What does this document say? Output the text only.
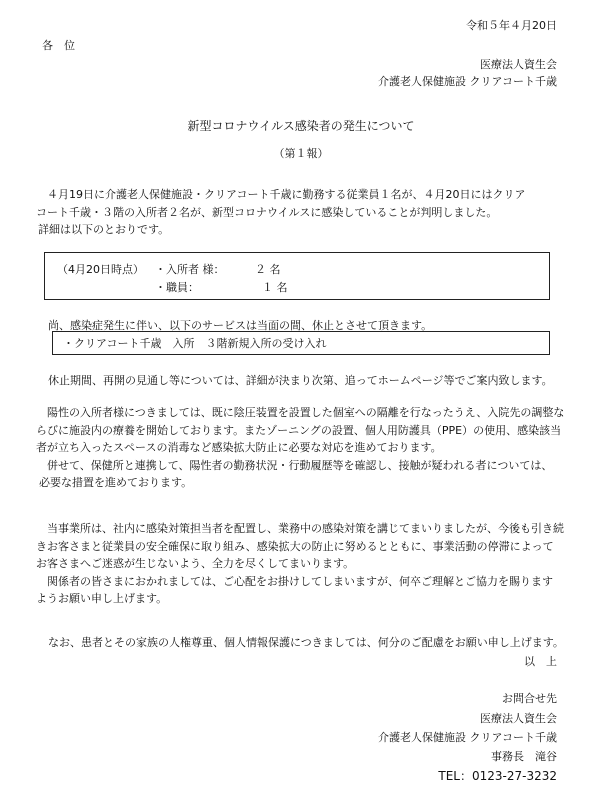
令和５年４月20日
各　位
医療法人資生会
介護老人保健施設 クリアコート千歳
新型コロナウイルス感染者の発生について
（第１報）
４月19日に介護老人保健施設・クリアコート千歳に勤務する従業員１名が、４月20日にはクリア
コート千歳・３階の入所者２名が、新型コロナウイルスに感染していることが判明しました。
詳細は以下のとおりです。
（4月20日時点） ・入所者 様：	２ 名
・職員：	１ 名
尚、感染症発生に伴い、以下のサービスは当面の間、休止とさせて頂きます。
・クリアコート千歳　入所　３階新規入所の受け入れ
休止期間、再開の見通し等については、詳細が決まり次第、追ってホームページ等でご案内致します。
陽性の入所者様につきましては、既に陰圧装置を設置した個室への隔離を行なったうえ、入院先の調整な
らびに施設内の療養を開始しております。またゾーニングの設置、個人用防護具（PPE）の使用、感染該当
者が立ち入ったスペースの消毒など感染拡大防止に必要な対応を進めております。
併せて、保健所と連携して、陽性者の勤務状況・行動履歴等を確認し、接触が疑われる者については、
必要な措置を進めております。
当事業所は、社内に感染対策担当者を配置し、業務中の感染対策を講じてまいりましたが、今後も引き続
きお客さまと従業員の安全確保に取り組み、感染拡大の防止に努めるとともに、事業活動の停滞によって
お客さまへご迷惑が生じないよう、全力を尽くしてまいります。
関係者の皆さまにおかれましては、ご心配をお掛けしてしまいますが、何卒ご理解とご協力を賜ります
ようお願い申し上げます。
なお、患者とその家族の人権尊重、個人情報保護につきましては、何分のご配慮をお願い申し上げます。
以　上
お問合せ先
医療法人資生会
介護老人保健施設 クリアコート千歳
事務長　滝谷
TEL：0123-27-3232
